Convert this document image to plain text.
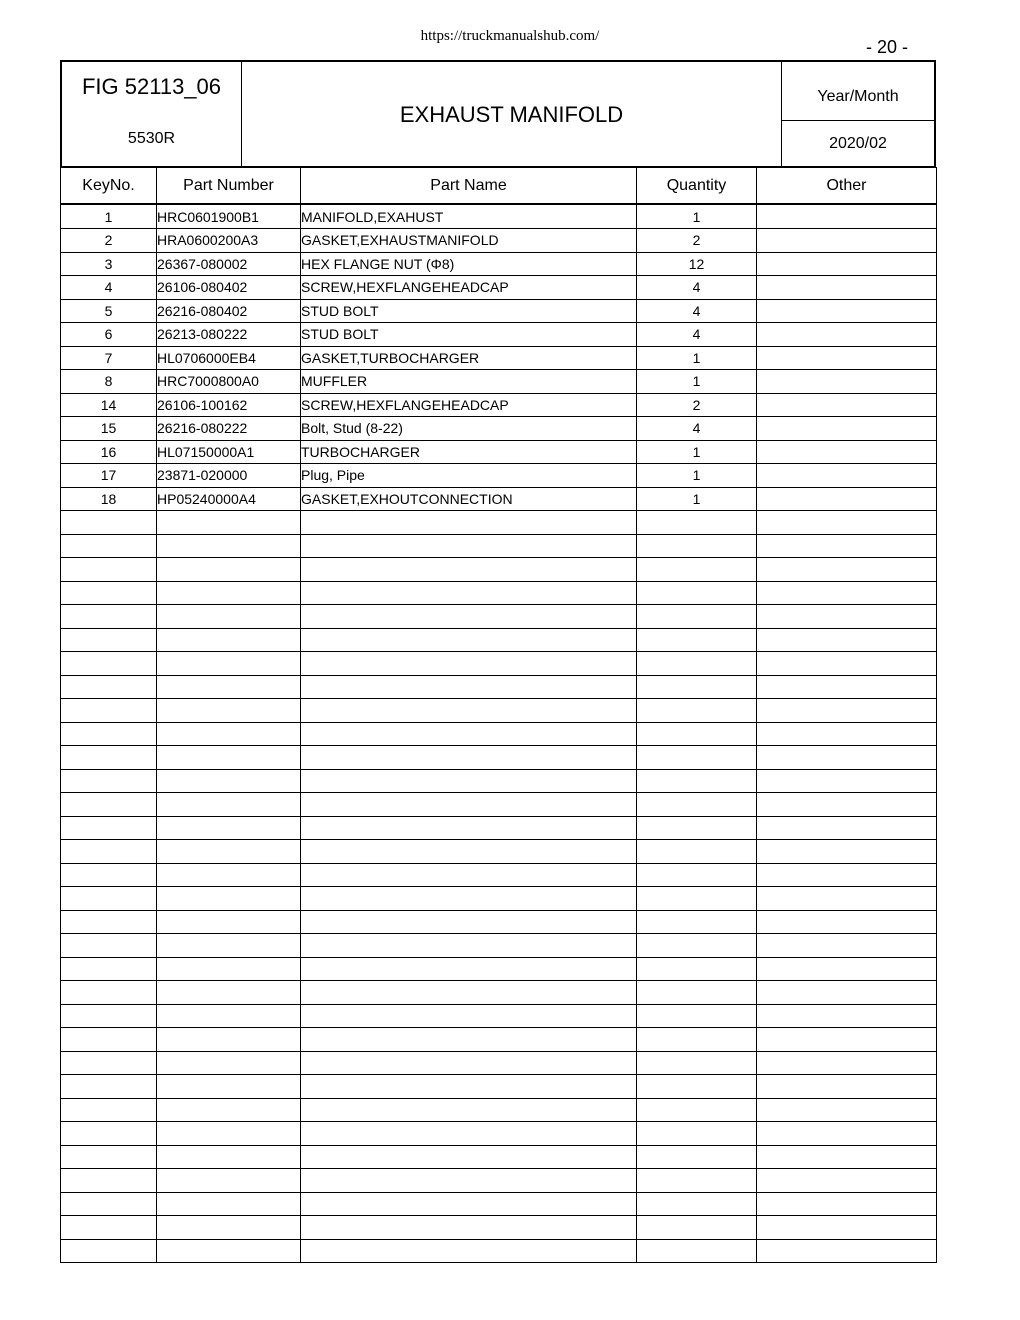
https://truckmanualshub.com/
- 20 -
FIG 52113_06
5530R
EXHAUST MANIFOLD
Year/Month
2020/02
KeyNo.	Part Number	Part Name	Quantity	Other
1	HRC0601900B1	MANIFOLD,EXAHUST	1	
2	HRA0600200A3	GASKET,EXHAUSTMANIFOLD	2	
3	26367-080002	HEX FLANGE NUT (Φ8)	12	
4	26106-080402	SCREW,HEXFLANGEHEADCAP	4	
5	26216-080402	STUD BOLT	4	
6	26213-080222	STUD BOLT	4	
7	HL0706000EB4	GASKET,TURBOCHARGER	1	
8	HRC7000800A0	MUFFLER	1	
14	26106-100162	SCREW,HEXFLANGEHEADCAP	2	
15	26216-080222	Bolt, Stud (8-22)	4	
16	HL07150000A1	TURBOCHARGER	1	
17	23871-020000	Plug, Pipe	1	
18	HP05240000A4	GASKET,EXHOUTCONNECTION	1	
